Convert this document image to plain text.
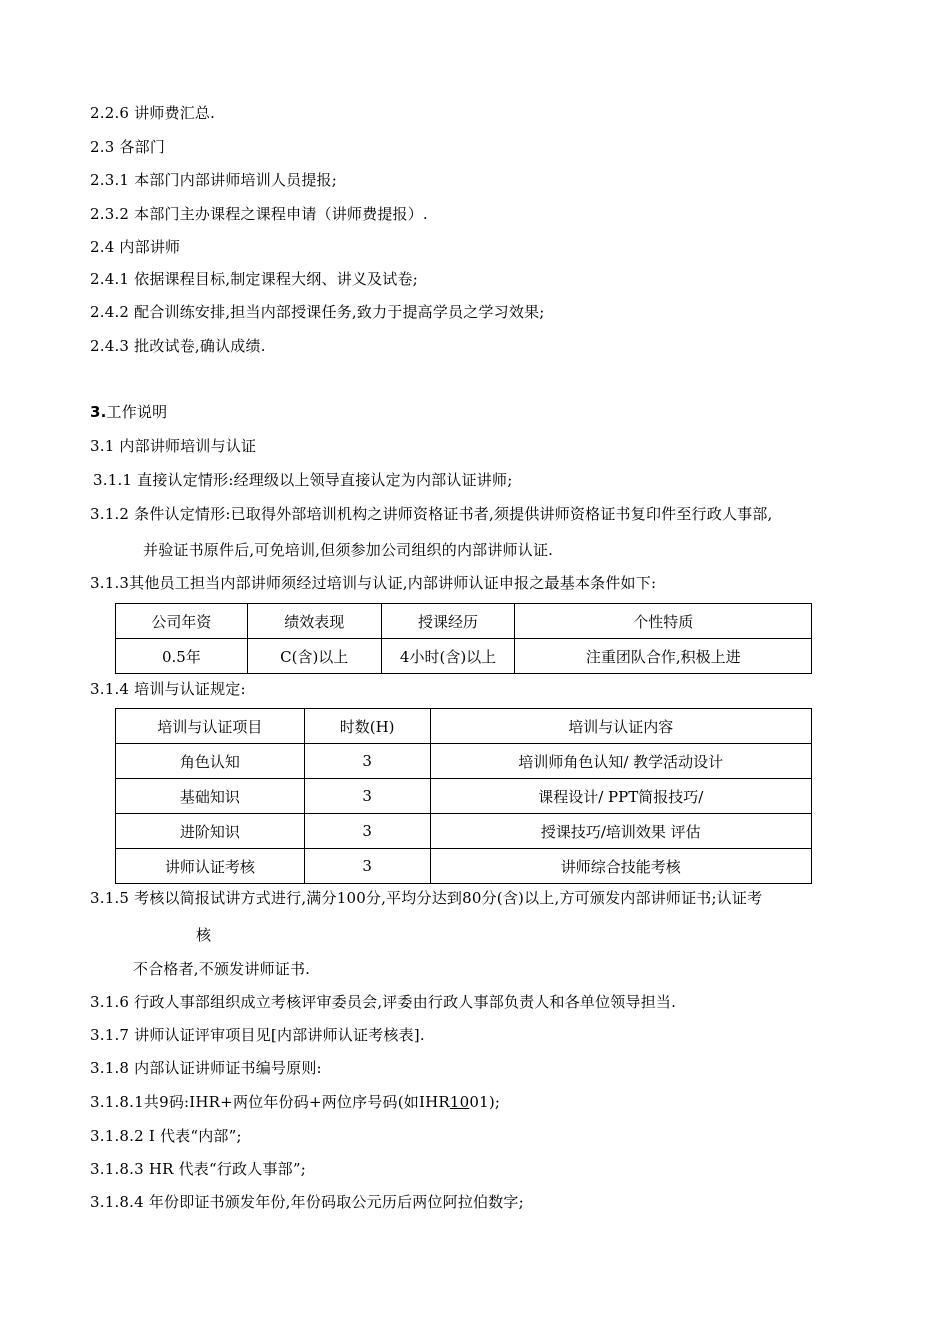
2.2.6 讲师费汇总.
2.3 各部门
2.3.1 本部门内部讲师培训人员提报;
2.3.2 本部门主办课程之课程申请（讲师费提报）.
2.4 内部讲师
2.4.1 依据课程目标,制定课程大纲、讲义及试卷;
2.4.2 配合训练安排,担当内部授课任务,致力于提高学员之学习效果;
2.4.3 批改试卷,确认成绩.
3.工作说明
3.1 内部讲师培训与认证
3.1.1 直接认定情形:经理级以上领导直接认定为内部认证讲师;
3.1.2 条件认定情形:已取得外部培训机构之讲师资格证书者,须提供讲师资格证书复印件至行政人事部,
并验证书原件后,可免培训,但须参加公司组织的内部讲师认证.
3.1.3其他员工担当内部讲师须经过培训与认证,内部讲师认证申报之最基本条件如下:
公司年资	绩效表现	授课经历	个性特质
0.5年	C(含)以上	4小时(含)以上	注重团队合作,积极上进
3.1.4 培训与认证规定:
培训与认证项目	时数(H)	培训与认证内容
角色认知	3	培训师角色认知/ 教学活动设计
基础知识	3	课程设计/ PPT简报技巧/
进阶知识	3	授课技巧/培训效果 评估
讲师认证考核	3	讲师综合技能考核
3.1.5 考核以简报试讲方式进行,满分100分,平均分达到80分(含)以上,方可颁发内部讲师证书;认证考
核
不合格者,不颁发讲师证书.
3.1.6 行政人事部组织成立考核评审委员会,评委由行政人事部负责人和各单位领导担当.
3.1.7 讲师认证评审项目见[内部讲师认证考核表].
3.1.8 内部认证讲师证书编号原则:
3.1.8.1共9码:IHR+两位年份码+两位序号码(如IHR1001);
3.1.8.2 I 代表“内部”;
3.1.8.3 HR 代表“行政人事部”;
3.1.8.4 年份即证书颁发年份,年份码取公元历后两位阿拉伯数字;
